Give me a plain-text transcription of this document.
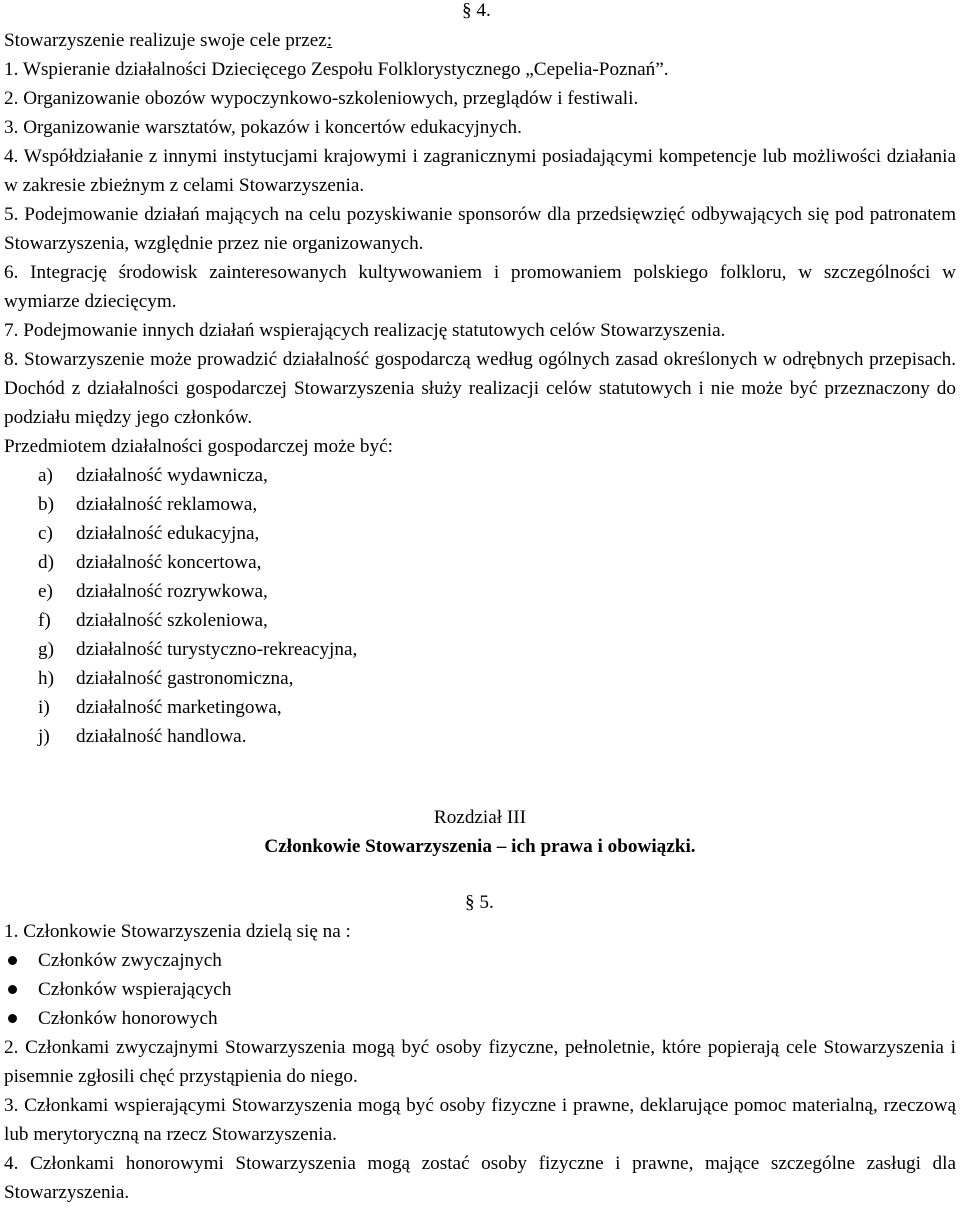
§ 4.

Stowarzyszenie realizuje swoje cele przez:

1. Wspieranie działalności Dziecięcego Zespołu Folklorystycznego „Cepelia-Poznań”.

2. Organizowanie obozów wypoczynkowo-szkoleniowych, przeglądów i festiwali.

3. Organizowanie warsztatów, pokazów i koncertów edukacyjnych.

4. Współdziałanie z innymi instytucjami krajowymi i zagranicznymi posiadającymi kompetencje lub możliwości działania w zakresie zbieżnym z celami Stowarzyszenia.

5. Podejmowanie działań mających na celu pozyskiwanie sponsorów dla przedsięwzięć odbywających się pod patronatem Stowarzyszenia, względnie przez nie organizowanych.

6. Integrację środowisk zainteresowanych kultywowaniem i promowaniem polskiego folkloru, w szczególności w wymiarze dziecięcym.

7. Podejmowanie innych działań wspierających realizację statutowych celów Stowarzyszenia.

8. Stowarzyszenie może prowadzić działalność gospodarczą według ogólnych zasad określonych w odrębnych przepisach. Dochód z działalności gospodarczej Stowarzyszenia służy realizacji celów statutowych i nie może być przeznaczony do podziału między jego członków.

Przedmiotem działalności gospodarczej może być:

a)	działalność wydawnicza,
b)	działalność reklamowa,
c)	działalność edukacyjna,
d)	działalność koncertowa,
e)	działalność rozrywkowa,
f)	działalność szkoleniowa,
g)	działalność turystyczno-rekreacyjna,
h)	działalność gastronomiczna,
i)	działalność marketingowa,
j)	działalność handlowa.

Rozdział III

Członkowie Stowarzyszenia – ich prawa i obowiązki.

§ 5.

1. Członkowie Stowarzyszenia dzielą się na :

Członków zwyczajnych
Członków wspierających
Członków honorowych

2. Członkami zwyczajnymi Stowarzyszenia mogą być osoby fizyczne, pełnoletnie, które popierają cele Stowarzyszenia i pisemnie zgłosili chęć przystąpienia do niego.

3. Członkami wspierającymi Stowarzyszenia mogą być osoby fizyczne i prawne, deklarujące pomoc materialną, rzeczową lub merytoryczną na rzecz Stowarzyszenia.

4. Członkami honorowymi Stowarzyszenia mogą zostać osoby fizyczne i prawne, mające szczególne zasługi dla Stowarzyszenia.
